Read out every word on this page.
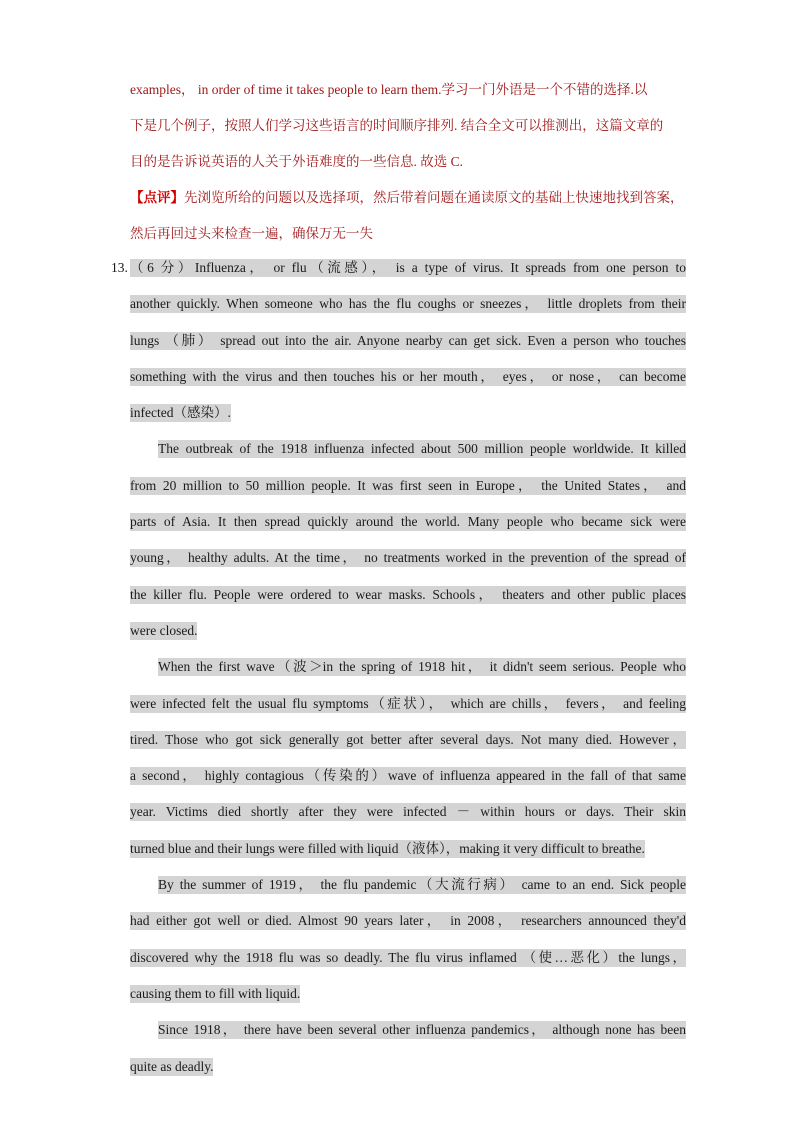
examples， in order of time it takes people to learn them.学习一门外语是一个不错的选择.以

下是几个例子，按照人们学习这些语言的时间顺序排列. 结合全文可以推测出，这篇文章的

目的是告诉说英语的人关于外语难度的一些信息. 故选 C.

【点评】先浏览所给的问题以及选择项，然后带着问题在通读原文的基础上快速地找到答案，

然后再回过头来检查一遍，确保万无一失

13. （6 分）Influenza， or flu（流感）， is a type of virus. It spreads from one person to
another quickly. When someone who has the flu coughs or sneezes， little droplets from their
lungs （肺） spread out into the air. Anyone nearby can get sick. Even a person who touches
something with the virus and then touches his or her mouth， eyes， or nose， can become
infected（感染）.
The outbreak of the 1918 influenza infected about 500 million people worldwide. It killed
from 20 million to 50 million people. It was first seen in Europe， the United States， and
parts of Asia. It then spread quickly around the world. Many people who became sick were
young， healthy adults. At the time， no treatments worked in the prevention of the spread of
the killer flu. People were ordered to wear masks. Schools， theaters and other public places
were closed.
When the first wave（波＞in the spring of 1918 hit， it didn't seem serious. People who
were infected felt the usual flu symptoms（症状）， which are chills， fevers， and feeling
tired. Those who got sick generally got better after several days. Not many died. However，
a second， highly contagious（传染的）wave of influenza appeared in the fall of that same
year. Victims died shortly after they were infected － within hours or days. Their skin
turned blue and their lungs were filled with liquid（液体），making it very difficult to breathe.
By the summer of 1919， the flu pandemic（大流行病） came to an end. Sick people
had either got well or died. Almost 90 years later， in 2008， researchers announced they'd
discovered why the 1918 flu was so deadly. The flu virus inflamed （使…恶化）the lungs，
causing them to fill with liquid.
Since 1918， there have been several other influenza pandemics， although none has been
quite as deadly.
